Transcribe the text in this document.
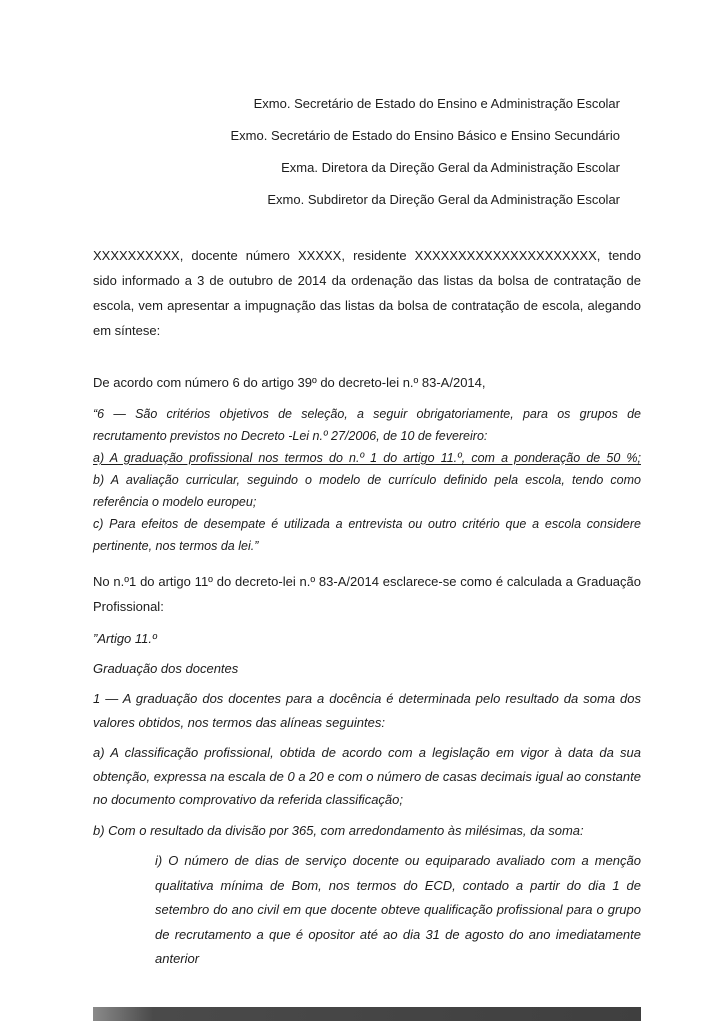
Exmo. Secretário de Estado do Ensino e Administração Escolar

Exmo. Secretário de Estado do Ensino Básico e Ensino Secundário

Exma. Diretora da Direção Geral da Administração Escolar

Exmo. Subdiretor da Direção Geral da Administração Escolar

XXXXXXXXXX, docente número XXXXX, residente XXXXXXXXXXXXXXXXXXXXX, tendo sido informado a 3 de outubro de 2014 da ordenação das listas da bolsa de contratação de escola, vem apresentar a impugnação das listas da bolsa de contratação de escola, alegando em síntese:

De acordo com número 6 do artigo 39º do decreto-lei n.º 83-A/2014,

“6 — São critérios objetivos de seleção, a seguir obrigatoriamente, para os grupos de recrutamento previstos no Decreto -Lei n.º 27/2006, de 10 de fevereiro:

a) A graduação profissional nos termos do n.º 1 do artigo 11.º, com a ponderação de 50 %;

b) A avaliação curricular, seguindo o modelo de currículo definido pela escola, tendo como referência o modelo europeu;

c) Para efeitos de desempate é utilizada a entrevista ou outro critério que a escola considere pertinente, nos termos da lei.”

No n.º1 do artigo 11º do decreto-lei n.º 83-A/2014 esclarece-se como é calculada a Graduação Profissional:

”Artigo 11.º

Graduação dos docentes

1 — A graduação dos docentes para a docência é determinada pelo resultado da soma dos valores obtidos, nos termos das alíneas seguintes:

a) A classificação profissional, obtida de acordo com a legislação em vigor à data da sua obtenção, expressa na escala de 0 a 20 e com o número de casas decimais igual ao constante no documento comprovativo da referida classificação;

b) Com o resultado da divisão por 365, com arredondamento às milésimas, da soma:

i) O número de dias de serviço docente ou equiparado avaliado com a menção qualitativa mínima de Bom, nos termos do ECD, contado a partir do dia 1 de setembro do ano civil em que docente obteve qualificação profissional para o grupo de recrutamento a que é opositor até ao dia 31 de agosto do ano imediatamente anterior
